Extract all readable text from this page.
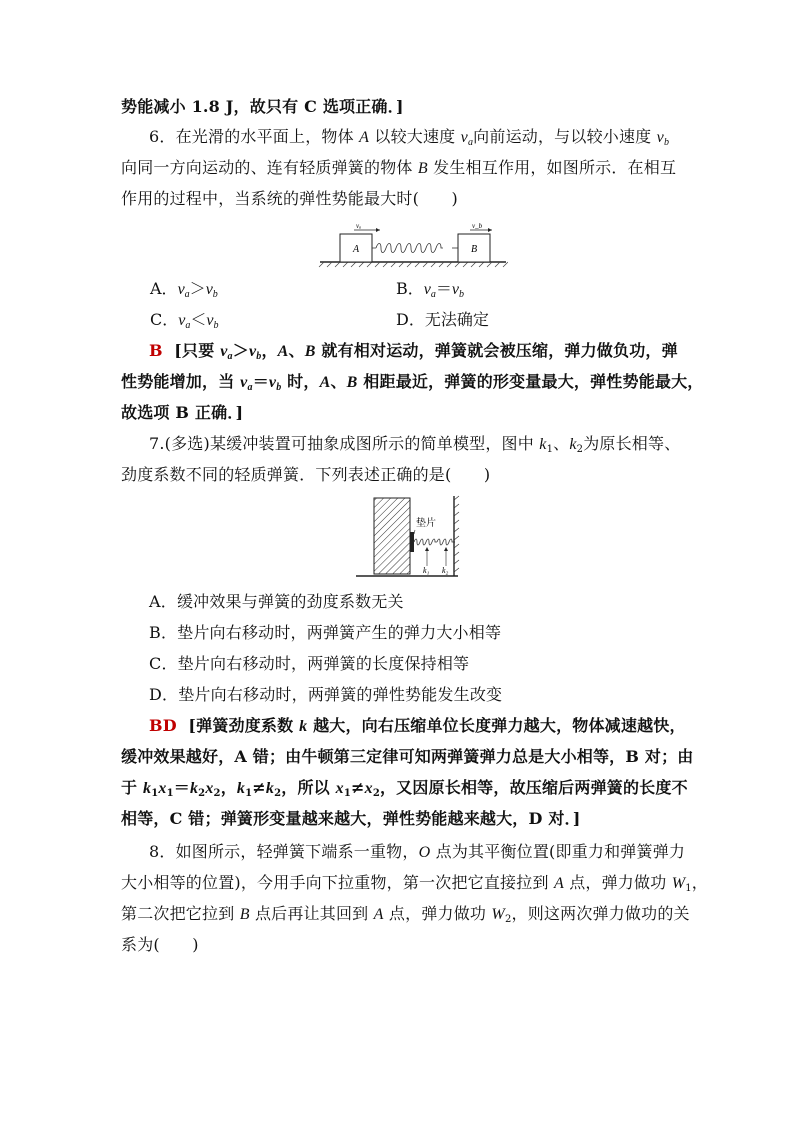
势能减小 1.8 J，故只有 C 选项正确．]
6．在光滑的水平面上，物体 A 以较大速度 $v_a$向前运动，与以较小速度 $v_b$
向同一方向运动的、连有轻质弹簧的物体 B 发生相互作用，如图所示．在相互
作用的过程中，当系统的弹性势能最大时(　　)
A	B
vₐ	v_b
A．$v_a>v_b$	B．$v_a=v_b$
C．$v_a<v_b$	D．无法确定
B [只要 $v_a>v_b$，A、B 就有相对运动，弹簧就会被压缩，弹力做负功，弹
性势能增加，当 $v_a=v_b$ 时，A、B 相距最近，弹簧的形变量最大，弹性势能最大，
故选项 B 正确．]
7.(多选)某缓冲装置可抽象成图所示的简单模型，图中 $k_1$、$k_2$为原长相等、
劲度系数不同的轻质弹簧．下列表述正确的是(　　)
垫片
k₁ k₂
A．缓冲效果与弹簧的劲度系数无关
B．垫片向右移动时，两弹簧产生的弹力大小相等
C．垫片向右移动时，两弹簧的长度保持相等
D．垫片向右移动时，两弹簧的弹性势能发生改变
BD [弹簧劲度系数 k 越大，向右压缩单位长度弹力越大，物体减速越快，
缓冲效果越好，A 错；由牛顿第三定律可知两弹簧弹力总是大小相等，B 对；由
于 $k_1x_1=k_2x_2$，$k_1\ne k_2$，所以 $x_1\ne x_2$，又因原长相等，故压缩后两弹簧的长度不
相等，C 错；弹簧形变量越来越大，弹性势能越来越大，D 对．]
8．如图所示，轻弹簧下端系一重物，O 点为其平衡位置(即重力和弹簧弹力
大小相等的位置)，今用手向下拉重物，第一次把它直接拉到 A 点，弹力做功 $W_1$，
第二次把它拉到 B 点后再让其回到 A 点，弹力做功 $W_2$，则这两次弹力做功的关
系为(　　)
